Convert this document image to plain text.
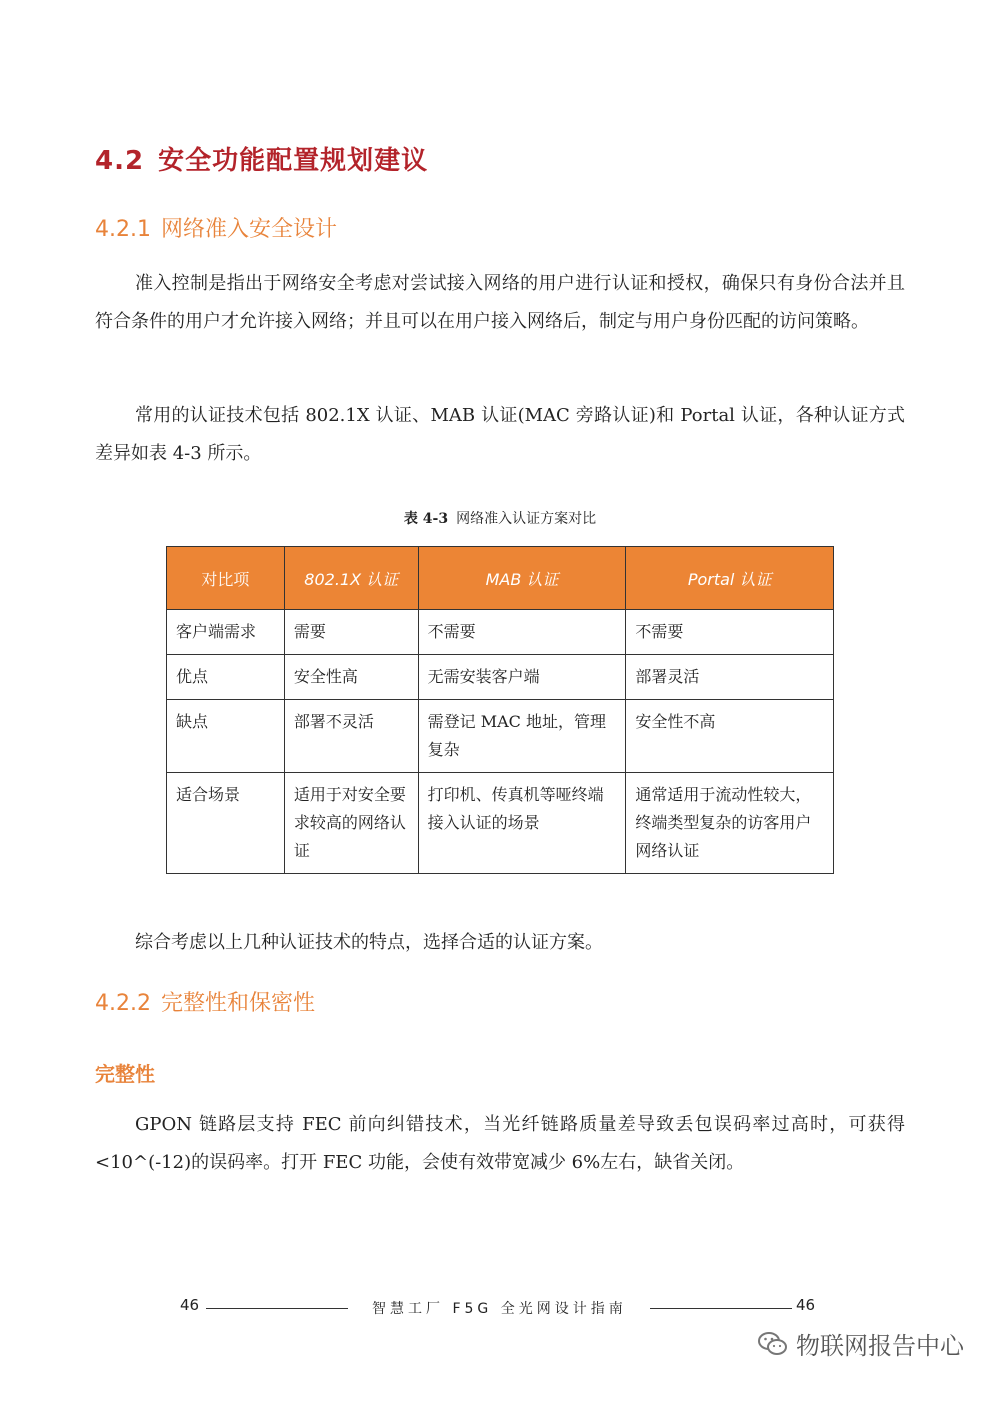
4.2 安全功能配置规划建议
4.2.1 网络准入安全设计
准入控制是指出于网络安全考虑对尝试接入网络的用户进行认证和授权，确保只有身份合法并且符合条件的用户才允许接入网络；并且可以在用户接入网络后，制定与用户身份匹配的访问策略。
常用的认证技术包括 802.1X 认证、MAB 认证(MAC 旁路认证)和 Portal 认证，各种认证方式差异如表 4-3 所示。
表 4-3 网络准入认证方案对比
对比项	802.1X 认证	MAB 认证	Portal 认证
客户端需求	需要	不需要	不需要
优点	安全性高	无需安装客户端	部署灵活
缺点	部署不灵活	需登记 MAC 地址，管理复杂	安全性不高
适合场景	适用于对安全要求较高的网络认证	打印机、传真机等哑终端接入认证的场景	通常适用于流动性较大，终端类型复杂的访客用户网络认证
综合考虑以上几种认证技术的特点，选择合适的认证方案。
4.2.2 完整性和保密性
完整性
GPON 链路层支持 FEC 前向纠错技术，当光纤链路质量差导致丢包误码率过高时，可获得<10^(-12)的误码率。打开 FEC 功能，会使有效带宽减少 6%左右，缺省关闭。
46	智慧工厂 F5G 全光网设计指南	46
物联网报告中心
